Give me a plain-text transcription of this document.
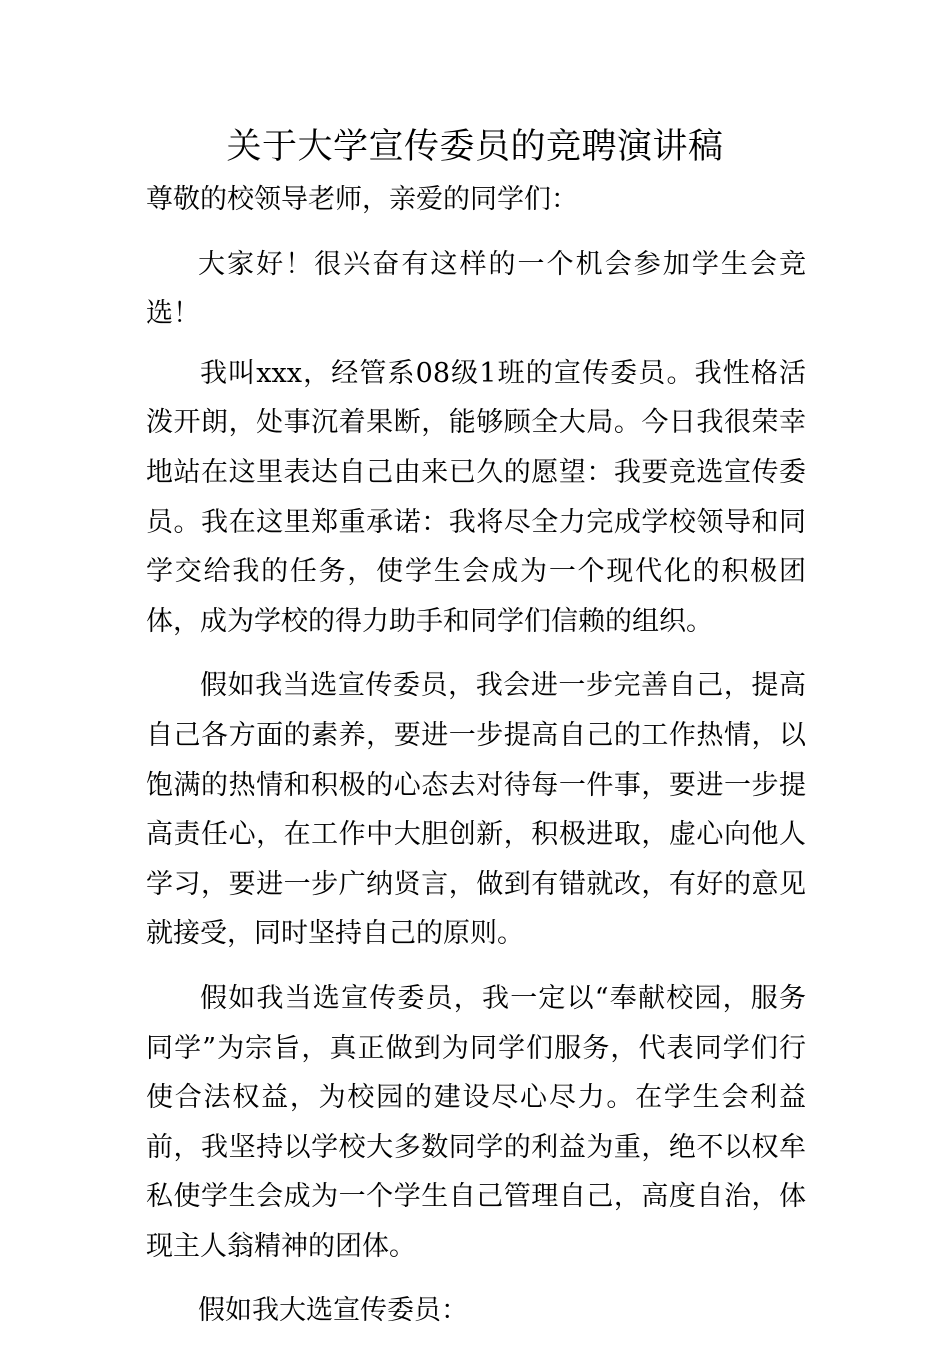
关于大学宣传委员的竞聘演讲稿

尊敬的校领导老师，亲爱的同学们：

大家好！很兴奋有这样的一个机会参加学生会竞选！

我叫xxx，经管系08级1班的宣传委员。我性格活泼开朗，处事沉着果断，能够顾全大局。今日我很荣幸地站在这里表达自己由来已久的愿望：我要竞选宣传委员。我在这里郑重承诺：我将尽全力完成学校领导和同学交给我的任务，使学生会成为一个现代化的积极团体，成为学校的得力助手和同学们信赖的组织。

假如我当选宣传委员，我会进一步完善自己，提高自己各方面的素养，要进一步提高自己的工作热情，以饱满的热情和积极的心态去对待每一件事，要进一步提高责任心，在工作中大胆创新，积极进取，虚心向他人学习，要进一步广纳贤言，做到有错就改，有好的意见就接受，同时坚持自己的原则。

假如我当选宣传委员，我一定以“奉献校园，服务同学”为宗旨，真正做到为同学们服务，代表同学们行使合法权益，为校园的建设尽心尽力。在学生会利益前，我坚持以学校大多数同学的利益为重，绝不以权牟私使学生会成为一个学生自己管理自己，高度自治，体现主人翁精神的团体。

假如我大选宣传委员：
